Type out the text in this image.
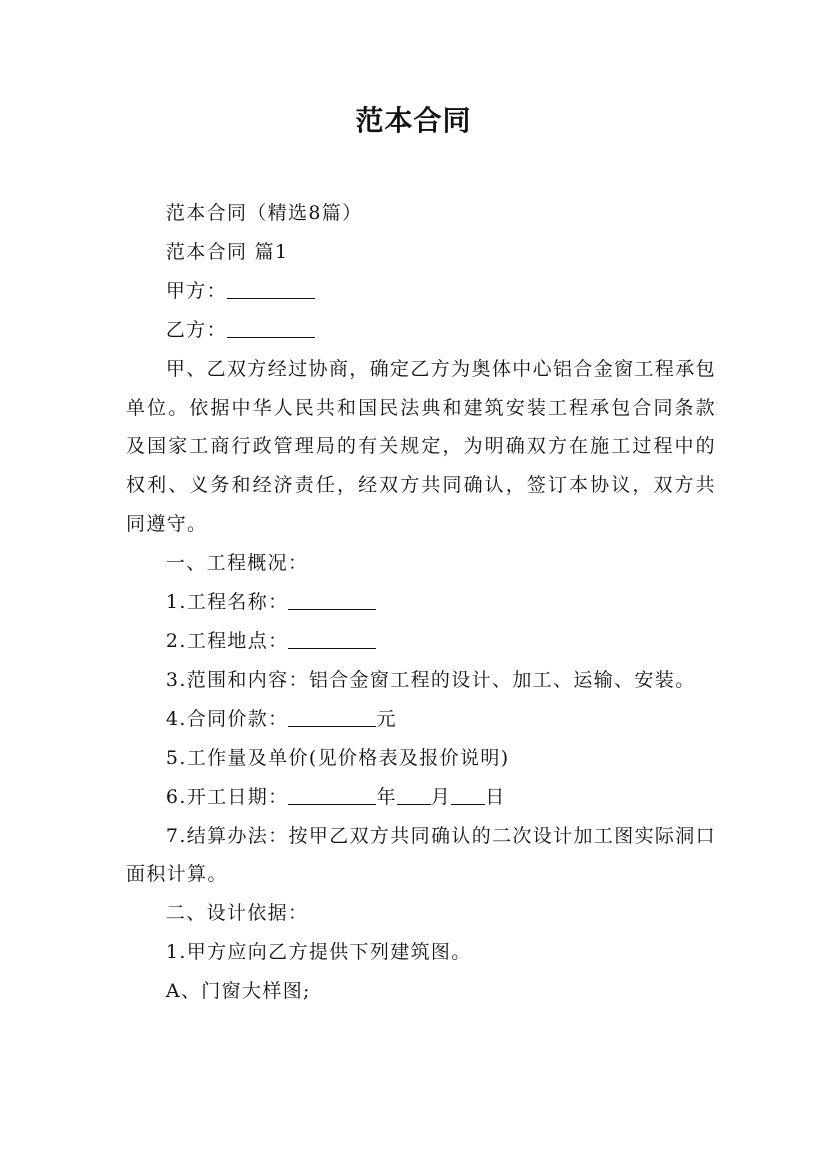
范本合同

范本合同（精选8篇）

范本合同 篇1

甲方：

乙方：

甲、乙双方经过协商，确定乙方为奥体中心铝合金窗工程承包单位。依据中华人民共和国民法典和建筑安装工程承包合同条款及国家工商行政管理局的有关规定，为明确双方在施工过程中的权利、义务和经济责任，经双方共同确认，签订本协议，双方共同遵守。

一、工程概况：

1.工程名称：

2.工程地点：

3.范围和内容：铝合金窗工程的设计、加工、运输、安装。

4.合同价款：	元

5.工作量及单价(见价格表及报价说明)

6.开工日期：	年 月 日

7.结算办法：按甲乙双方共同确认的二次设计加工图实际洞口面积计算。

二、设计依据：

1.甲方应向乙方提供下列建筑图。

A、门窗大样图;
